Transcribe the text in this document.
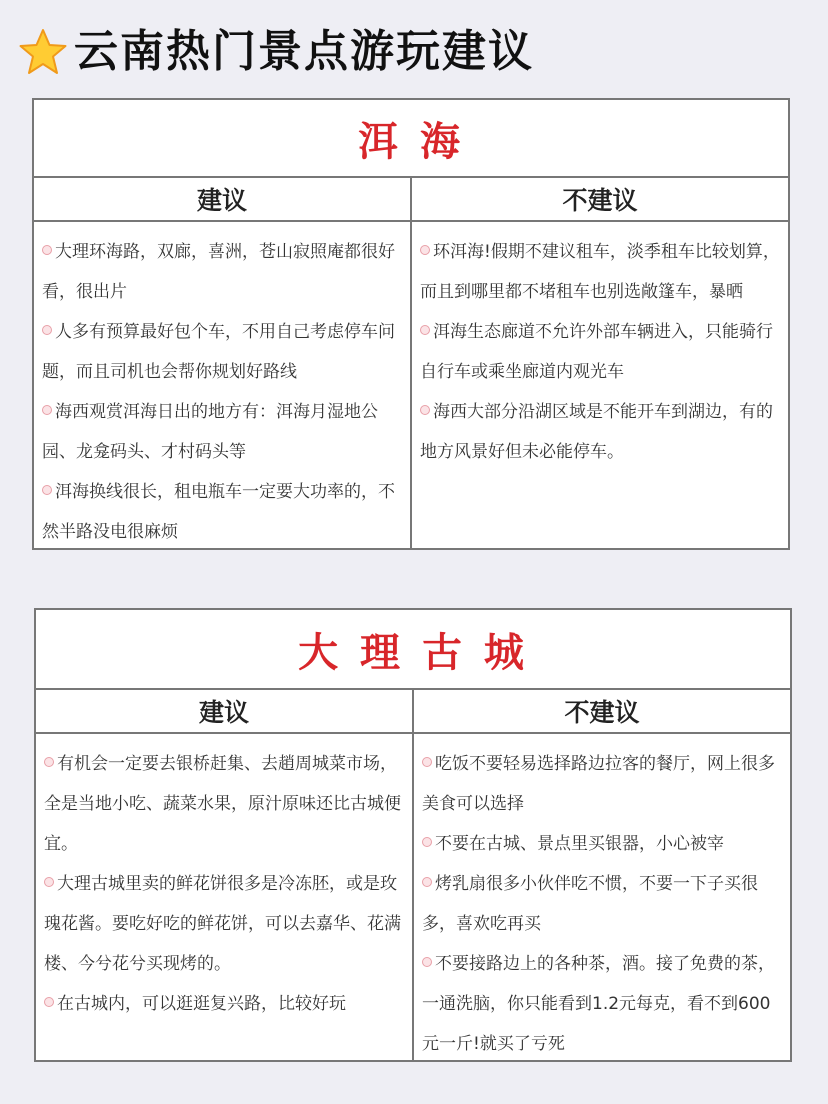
云南热门景点游玩建议
洱 海
建议	不建议
大理环海路，双廊，喜洲，苍山寂照庵都很好看，很出片
人多有预算最好包个车，不用自己考虑停车问题，而且司机也会帮你规划好路线
海西观赏洱海日出的地方有：洱海月湿地公园、龙龛码头、才村码头等
洱海换线很长，租电瓶车一定要大功率的，不然半路没电很麻烦
环洱海!假期不建议租车，淡季租车比较划算，而且到哪里都不堵租车也别选敞篷车，暴晒
洱海生态廊道不允许外部车辆进入，只能骑行自行车或乘坐廊道内观光车
海西大部分沿湖区域是不能开车到湖边，有的地方风景好但未必能停车。
大 理 古 城
建议	不建议
有机会一定要去银桥赶集、去趙周城菜市场，全是当地小吃、蔬菜水果，原汁原味还比古城便宜。
大理古城里卖的鲜花饼很多是冷冻胚，或是玫瑰花酱。要吃好吃的鲜花饼，可以去嘉华、花满楼、今兮花兮买现烤的。
在古城内，可以逛逛复兴路，比较好玩
吃饭不要轻易选择路边拉客的餐厅，网上很多美食可以选择
不要在古城、景点里买银器，小心被宰
烤乳扇很多小伙伴吃不惯，不要一下子买很多，喜欢吃再买
不要接路边上的各种茶，酒。接了免费的茶，一通洗脑，你只能看到1.2元每克，看不到600元一斤!就买了亏死
